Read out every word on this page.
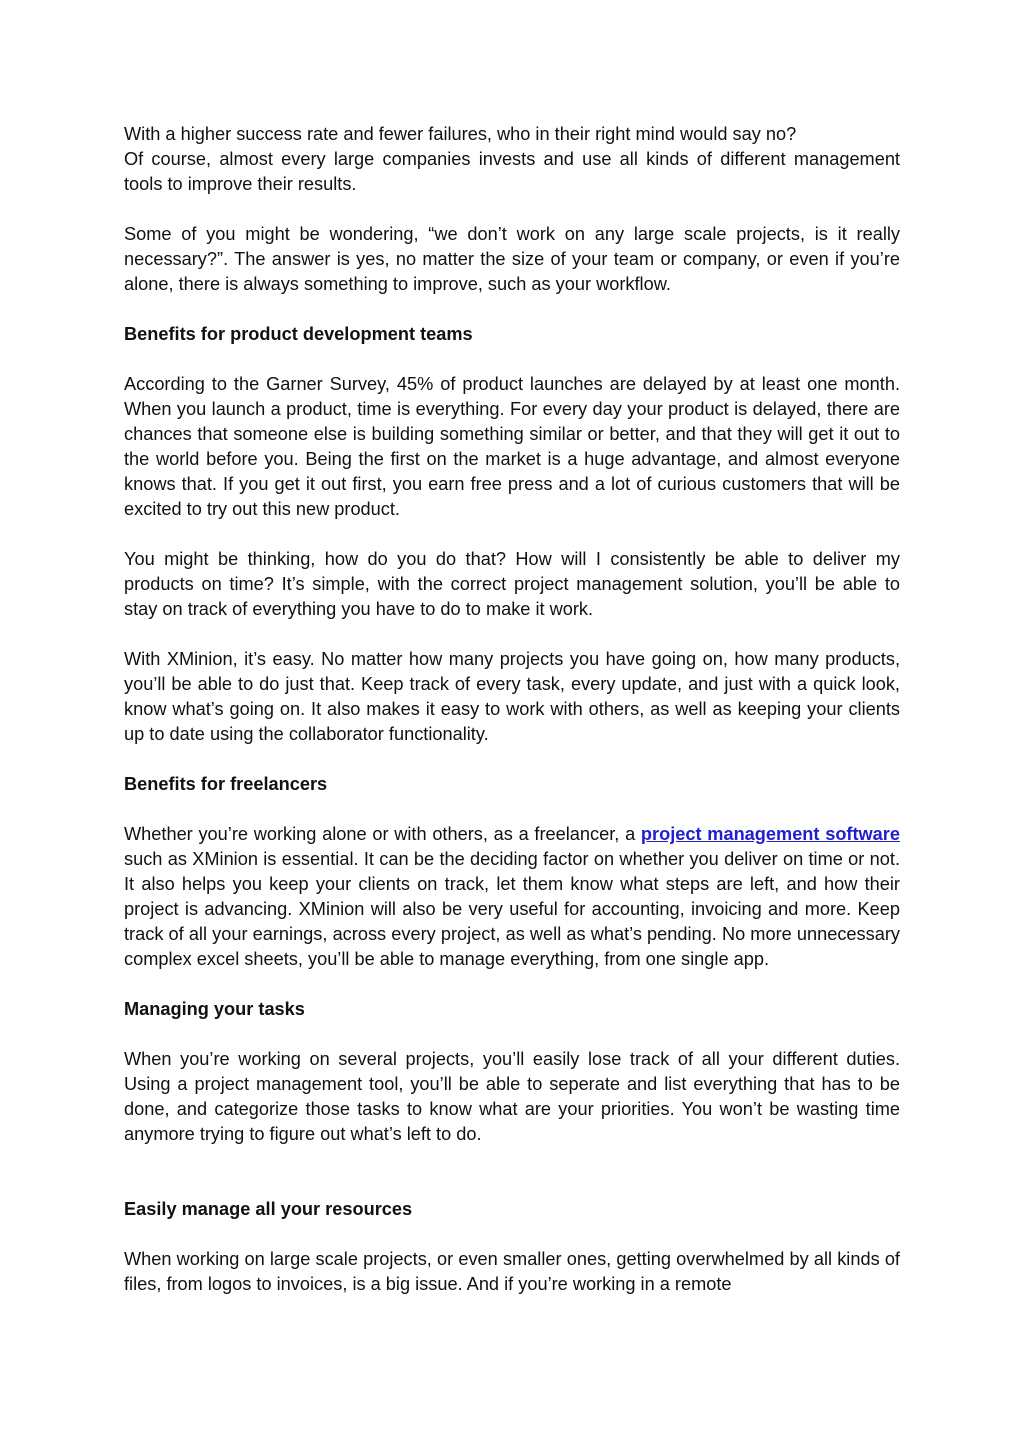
With a higher success rate and fewer failures, who in their right mind would say no?
Of course, almost every large companies invests and use all kinds of different management tools to improve their results.
Some of you might be wondering, “we don’t work on any large scale projects, is it really necessary?”. The answer is yes, no matter the size of your team or company, or even if you’re alone, there is always something to improve, such as your workflow.
Benefits for product development teams
According to the Garner Survey, 45% of product launches are delayed by at least one month. When you launch a product, time is everything. For every day your product is delayed, there are chances that someone else is building something similar or better, and that they will get it out to the world before you. Being the first on the market is a huge advantage, and almost everyone knows that. If you get it out first, you earn free press and a lot of curious customers that will be excited to try out this new product.
You might be thinking, how do you do that? How will I consistently be able to deliver my products on time? It’s simple, with the correct project management solution, you’ll be able to stay on track of everything you have to do to make it work.
With XMinion, it’s easy. No matter how many projects you have going on, how many products, you’ll be able to do just that. Keep track of every task, every update, and just with a quick look, know what’s going on. It also makes it easy to work with others, as well as keeping your clients up to date using the collaborator functionality.
Benefits for freelancers
Whether you’re working alone or with others, as a freelancer, a project management software such as XMinion is essential. It can be the deciding factor on whether you deliver on time or not. It also helps you keep your clients on track, let them know what steps are left, and how their project is advancing. XMinion will also be very useful for accounting, invoicing and more. Keep track of all your earnings, across every project, as well as what’s pending. No more unnecessary complex excel sheets, you’ll be able to manage everything, from one single app.
Managing your tasks
When you’re working on several projects, you’ll easily lose track of all your different duties. Using a project management tool, you’ll be able to seperate and list everything that has to be done, and categorize those tasks to know what are your priorities. You won’t be wasting time anymore trying to figure out what’s left to do.
Easily manage all your resources
When working on large scale projects, or even smaller ones, getting overwhelmed by all kinds of files, from logos to invoices, is a big issue. And if you’re working in a remote
